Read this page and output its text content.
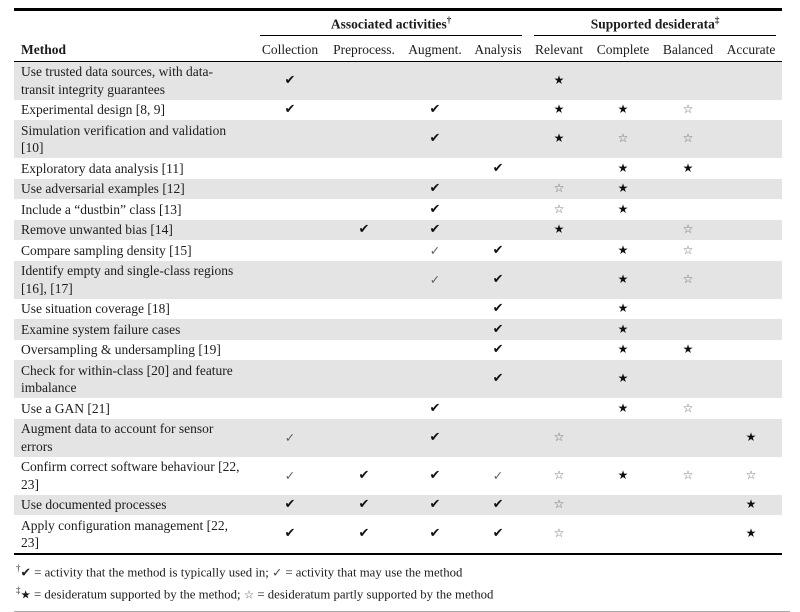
	Associated activities†				Supported desiderata‡

Method	Collection	Preprocess.	Augment.	Analysis	Relevant	Complete	Balanced	Accurate
Use trusted data sources, with data-transit integrity guarantees	✔				★			
Experimental design [8, 9]	✔		✔		★	★	☆	
Simulation verification and validation [10]			✔		★	☆	☆	
Exploratory data analysis [11]				✔		★	★	
Use adversarial examples [12]			✔		☆	★		
Include a “dustbin” class [13]			✔		☆	★		
Remove unwanted bias [14]		✔	✔		★		☆	
Compare sampling density [15]			✓	✔		★	☆	
Identify empty and single-class regions [16], [17]			✓	✔		★	☆	
Use situation coverage [18]				✔		★		
Examine system failure cases				✔		★		
Oversampling & undersampling [19]				✔		★	★	
Check for within-class [20] and feature imbalance				✔		★		
Use a GAN [21]			✔			★	☆	
Augment data to account for sensor errors	✓		✔		☆			★
Confirm correct software behaviour [22, 23]	✓	✔	✔	✓	☆	★	☆	☆
Use documented processes	✔	✔	✔	✔	☆			★
Apply configuration management [22, 23]	✔	✔	✔	✔	☆			★
†✔ = activity that the method is typically used in; ✓ = activity that may use the method
‡★ = desideratum supported by the method; ☆ = desideratum partly supported by the method
